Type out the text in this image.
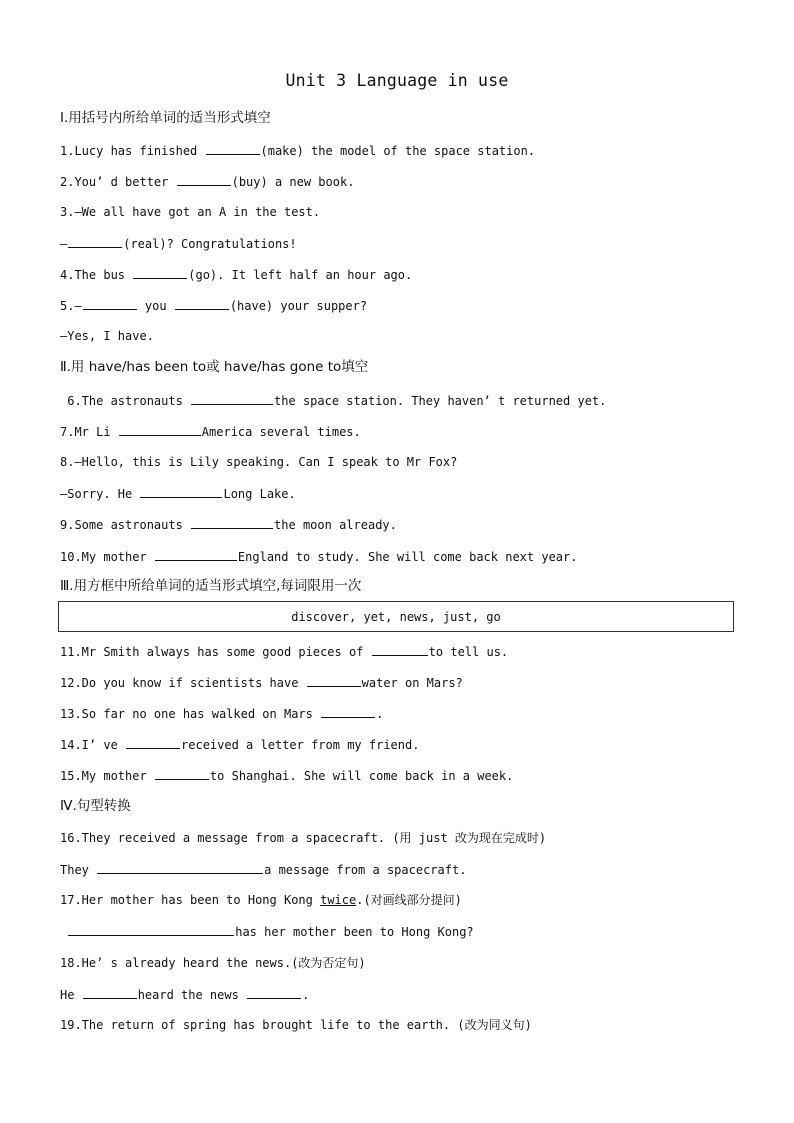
Unit 3 Language in use
Ⅰ.用括号内所给单词的适当形式填空
1.Lucy has finished	(make) the model of the space station.
2.You’ d better	(buy) a new book.
3.—We all have got an A in the test.
—	(real)? Congratulations!
4.The bus	(go). It left half an hour ago.
5.—	you	(have) your supper?
—Yes, I have.
Ⅱ.用 have/has been to或 have/has gone to填空
6.The astronauts	the space station. They haven’ t returned yet.
7.Mr Li	America several times.
8.—Hello, this is Lily speaking. Can I speak to Mr Fox?
—Sorry. He	Long Lake.
9.Some astronauts	the moon already.
10.My mother	England to study. She will come back next year.
Ⅲ.用方框中所给单词的适当形式填空,每词限用一次
discover, yet, news, just, go
11.Mr Smith always has some good pieces of	to tell us.
12.Do you know if scientists have	water on Mars?
13.So far no one has walked on Mars	.
14.I’ ve	received a letter from my friend.
15.My mother	to Shanghai. She will come back in a week.
Ⅳ.句型转换
16.They received a message from a spacecraft. (用 just 改为现在完成时)
They	a message from a spacecraft.
17.Her mother has been to Hong Kong twice.(对画线部分提问)
has her mother been to Hong Kong?
18.He’ s already heard the news.(改为否定句)
He	heard the news	.
19.The return of spring has brought life to the earth. (改为同义句)
